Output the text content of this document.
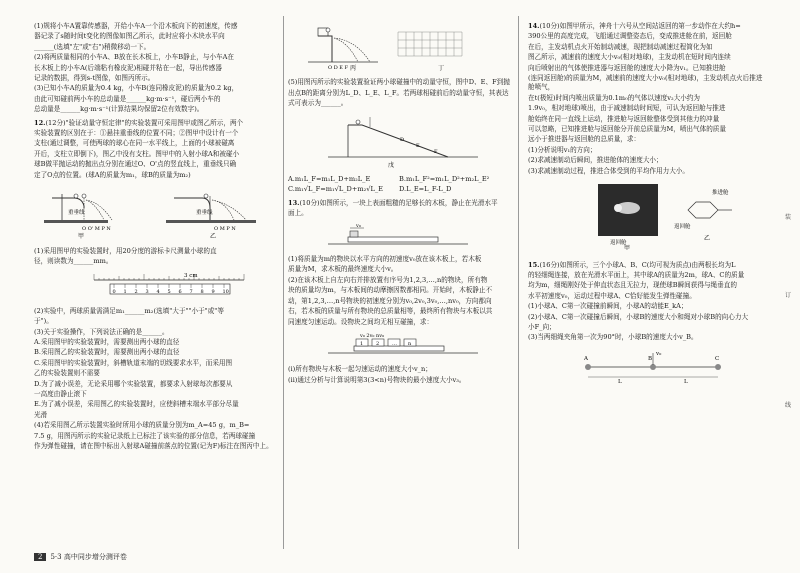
(1)规将小车A置靠传感器，开给小车A一个沿木板向下的初速度，传感

器记录了s随时间t变化的图像如图乙所示，此时应将小木块水平向

______(选填"左"或"右")稍微移动一下。

(2)将两质量相同的小车A、B放在长木板上，小车B静止，与小车A在

长木板上的小车A(后端粘有橡皮泥)相碰并粘在一起，导出传感器

记录的数据，得到s-t图像，如图丙所示。

(3)已知小车A的质量为0.4 kg，小车B(连同橡皮泥)的质量为0.2 kg，

由此可知碰前两小车的总动量是______kg·m·s⁻¹，碰后两小车的

总动量是______kg·m·s⁻¹(计算结果均保留2位有效数字)。

12.(12分)"验证动量守恒定律"的实验装置可采用图甲或图乙所示，两个

实验装置的区别在于：①悬挂重垂线的位置不同；②图甲中设计有一个

支柱(通过调整，可使两球的球心在同一水平线上，上面的小球被碰离

开后，支柱立即倒下)，图乙中没有支柱。图甲中的入射小球A和被碰小

球B做平抛运动的抛出点分别在通过O、O'点的竖直线上，重垂线只确

定了O点的位置。(球A的质量为m₁，球B的质量为m₂)

重垂线
O O' M P N
甲
重垂线
O M P N
乙

(1)采用图甲的实验装置时，用20分度的游标卡尺测量小球的直

径，则读数为______mm。

3 cm
0 1 2 3 4 5 6 7 8 9 10

(2)实验中，两球质量需满足m₁______m₂(选填"大于""小于"或"等

于")。

(3)关于实验操作，下列说法正确的是______。

A.采用图甲的实验装置时，需要测出两小球的直径

B.采用图乙的实验装置时，需要测出两小球的直径

C.采用图甲的实验装置时，斜槽轨道末端的切线要求水平，而采用图

乙的实验装置则不需要

D.为了减小误差，无论采用哪个实验装置，都要求入射球每次都要从

一高度由静止滚下

E.为了减小误差，采用图乙的实验装置时，应使斜槽末端水平部分尽量

光滑

(4)若采用图乙所示装置实验时所用小球的质量分别为m_A=45 g，m_B=

7.5 g，用图丙所示的实验记录纸上已标注了该实验的部分信息，若两球碰撞

作为弹性碰撞，请在图中标出入射球A碰撞前落点的位置(记为F)标注在图丙中上。

O D E F 丙	丁

(5)用图丙所示的实验装置验证两小球碰撞中的动量守恒，图中D、E、F到抛

出点B的距离分别为L_D、L_E、L_F。若两球相碰前后的动量守恒，其表达

式可表示为______。

D
E
F
戊

A.m₁L_F=m₁L_D+m₂L_E	B.m₁L_F²=m₁L_D²+m₂L_E²

C.m₁√L_F=m₁√L_D+m₂√L_E	D.L_E=L_F-L_D

13.(10分)如图所示，一块上表面粗糙的足够长的木板，静止在光滑水平

面上。

v₀

(1)将质量为m的物块以水平方向的初速度v₀放在该木板上，若木板

质量为M，求木板的最终速度大小v。

(2)在该木板上自左向右并排放置有序号为1,2,3,…,n的物块，所有物

块的质量均为m，与木板间的动摩擦因数都相同。开始时，木板静止不

动，第1,2,3,…,n号物块的初速度分别为v₀,2v₀,3v₀,…,nv₀，方向都向

右，若木板的质量与所有物块的总质量相等，最终所有物块与木板以共

同速度匀速运动。设物块之间均无相互碰撞，求：

v₀ 2v₀ nv₀
1	2	… n

(ⅰ)所有物块与木板一起匀速运动的速度大小v_n；

(ⅱ)通过分析与计算说明第3(3<n)号物块的最小速度大小v₃。

14.(10分)如图甲所示，神舟十六号从空间站返回的第一步动作在大约h=

390公里的高度完成，飞船通过调整姿态后，变成推进舱在前，返回舱

在后，主发动机点火开始制动减速，现把制动减速过程简化为如

图乙所示，减速前的速度大小v₀(相对地球)，主发动机在短时间内连续

向后喷射出的气体使推进器与返回舱的速度大小降为v₁。已知推进舱

(连同返回舱)的质量为M，减速前的速度大小v₀(相对地球)，主发动机点火后推进舱喷气，

在t(极短)时间内喷出质量为0.1m₀的气体以速度v₂大小约为

1.9v₀，相对地球)喷出，由于减速制动时间短，可认为返回舱与推进

舱始终在同一直线上运动，推进舱与返回舱整体受到其他力的冲量

可以忽略，已知推进舱与返回舱分开前总质量为M，喷出气体的质量

远小于推进器与返回舱的总质量，求：

(1)分析说明v₁的方向；

(2)求减速制动后瞬间，推进舱体的速度大小；

(3)求减速制动过程，推进合体受到的平均作用力大小。

返回舱
甲
推进舱
返回舱
乙

15.(16分)如图所示，三个小球A、B、C(均可视为质点)由两根长均为L

的轻细绳连接，放在光滑水平面上，其中球A的质量为2m，球A、C的质量

均为m，细绳刚好处于伸直状态且无拉力，现使球B瞬间获得与绳垂直的

水平初速度v₀，运动过程中球A、C恰好能发生弹性碰撞。

(1)小球A、C第一次碰撞前瞬间，小球A的动能E_kA；

(2)小球A、C第一次碰撞后瞬间，小球B的速度大小和绳对小球B的向心力大

小F_向；

(3)当两细绳夹角第一次为90°时，小球B的速度大小v_B。

v₀
A	B	C
L	L
装
订
线
2 5·3 高中同步增分测评卷
